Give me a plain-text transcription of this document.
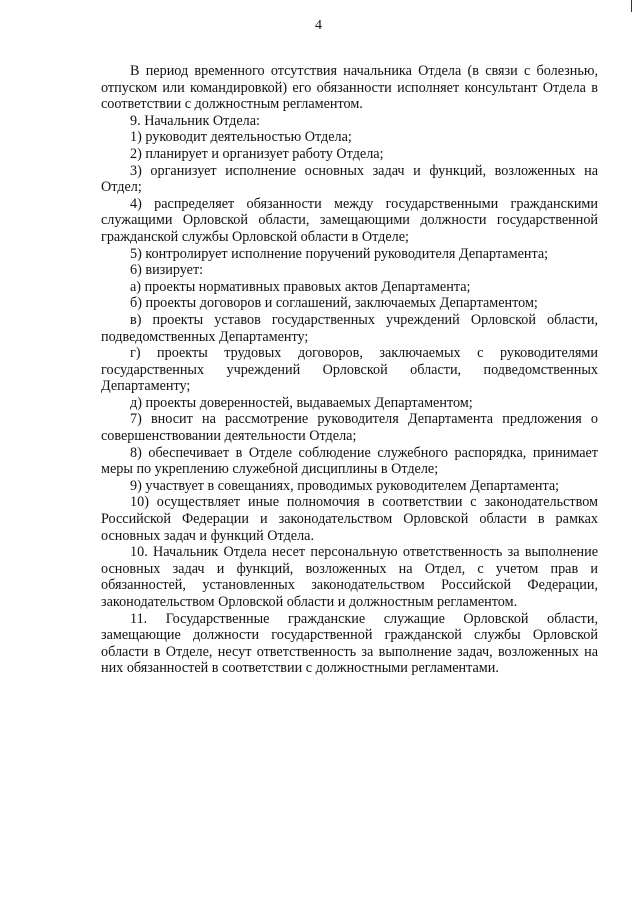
4

В период временного отсутствия начальника Отдела (в связи с болезнью, отпуском или командировкой) его обязанности исполняет консультант Отдела в соответствии с должностным регламентом.

9. Начальник Отдела:

1) руководит деятельностью Отдела;

2) планирует и организует работу Отдела;

3) организует исполнение основных задач и функций, возложенных на Отдел;

4) распределяет обязанности между государственными гражданскими служащими Орловской области, замещающими должности государственной гражданской службы Орловской области в Отделе;

5) контролирует исполнение поручений руководителя Департамента;

6) визирует:

а) проекты нормативных правовых актов Департамента;

б) проекты договоров и соглашений, заключаемых Департаментом;

в) проекты уставов государственных учреждений Орловской области, подведомственных Департаменту;

г) проекты трудовых договоров, заключаемых с руководителями государственных учреждений Орловской области, подведомственных Департаменту;

д) проекты доверенностей, выдаваемых Департаментом;

7) вносит на рассмотрение руководителя Департамента предложения о совершенствовании деятельности Отдела;

8) обеспечивает в Отделе соблюдение служебного распорядка, принимает меры по укреплению служебной дисциплины в Отделе;

9) участвует в совещаниях, проводимых руководителем Департамента;

10) осуществляет иные полномочия в соответствии с законодательством Российской Федерации и законодательством Орловской области в рамках основных задач и функций Отдела.

10. Начальник Отдела несет персональную ответственность за выполнение основных задач и функций, возложенных на Отдел, с учетом прав и обязанностей, установленных законодательством Российской Федерации, законодательством Орловской области и должностным регламентом.

11. Государственные гражданские служащие Орловской области, замещающие должности государственной гражданской службы Орловской области в Отделе, несут ответственность за выполнение задач, возложенных на них обязанностей в соответствии с должностными регламентами.
